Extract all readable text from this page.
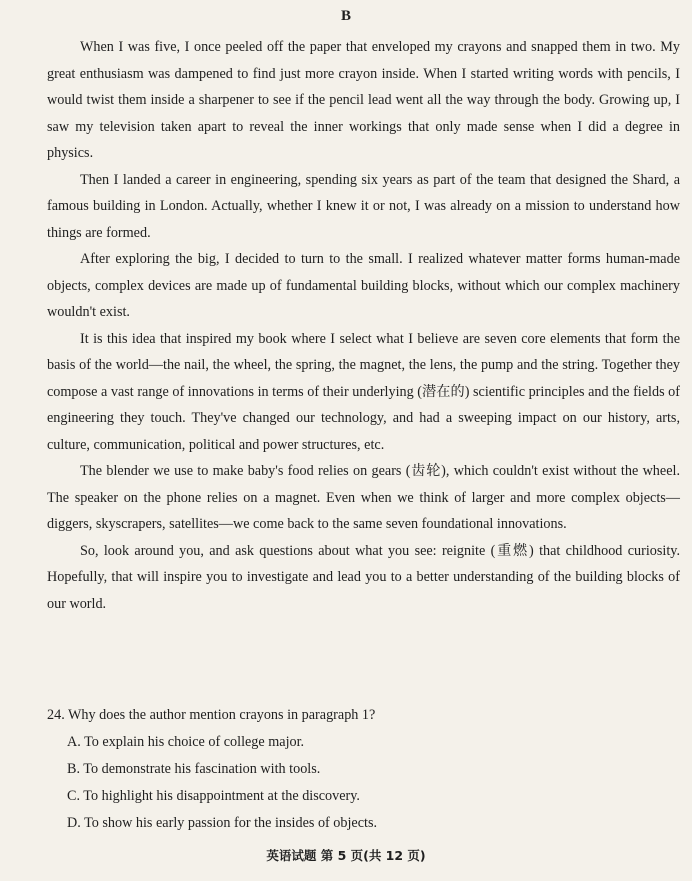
B

When I was five, I once peeled off the paper that enveloped my crayons and snapped them in two. My great enthusiasm was dampened to find just more crayon inside. When I started writing words with pencils, I would twist them inside a sharpener to see if the pencil lead went all the way through the body. Growing up, I saw my television taken apart to reveal the inner workings that only made sense when I did a degree in physics.

Then I landed a career in engineering, spending six years as part of the team that designed the Shard, a famous building in London. Actually, whether I knew it or not, I was already on a mission to understand how things are formed.

After exploring the big, I decided to turn to the small. I realized whatever matter forms human-made objects, complex devices are made up of fundamental building blocks, without which our complex machinery wouldn't exist.

It is this idea that inspired my book where I select what I believe are seven core elements that form the basis of the world—the nail, the wheel, the spring, the magnet, the lens, the pump and the string. Together they compose a vast range of innovations in terms of their underlying (潜在的) scientific principles and the fields of engineering they touch. They've changed our technology, and had a sweeping impact on our history, arts, culture, communication, political and power structures, etc.

The blender we use to make baby's food relies on gears (齿轮), which couldn't exist without the wheel. The speaker on the phone relies on a magnet. Even when we think of larger and more complex objects—diggers, skyscrapers, satellites—we come back to the same seven foundational innovations.

So, look around you, and ask questions about what you see: reignite (重燃) that childhood curiosity. Hopefully, that will inspire you to investigate and lead you to a better understanding of the building blocks of our world.

24. Why does the author mention crayons in paragraph 1?

A. To explain his choice of college major.
B. To demonstrate his fascination with tools.
C. To highlight his disappointment at the discovery.
D. To show his early passion for the insides of objects.
英语试题 第 5 页(共 12 页)
